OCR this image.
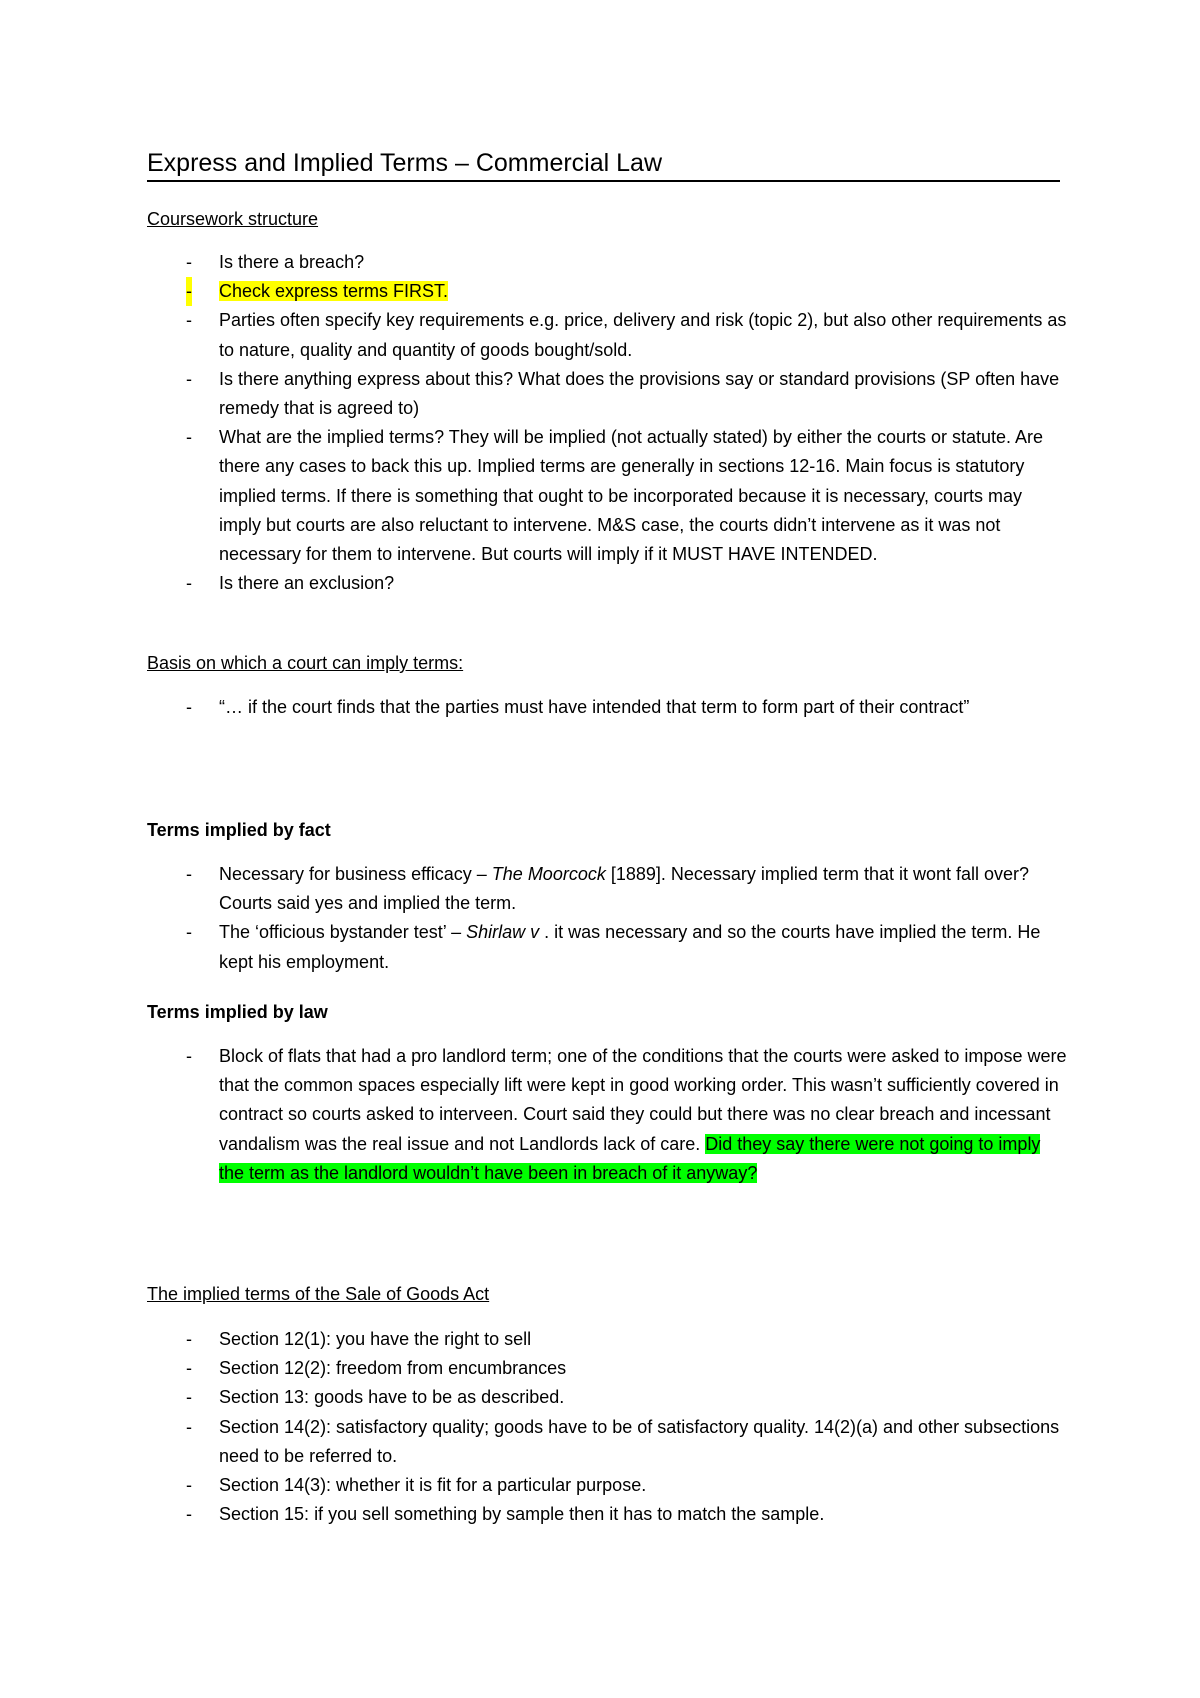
Express and Implied Terms – Commercial Law
Coursework structure
- Is there a breach?
- Check express terms FIRST.
- Parties often specify key requirements e.g. price, delivery and risk (topic 2), but also other requirements as to nature, quality and quantity of goods bought/sold.
- Is there anything express about this? What does the provisions say or standard provisions (SP often have remedy that is agreed to)
- What are the implied terms? They will be implied (not actually stated) by either the courts or statute. Are there any cases to back this up. Implied terms are generally in sections 12-16. Main focus is statutory implied terms. If there is something that ought to be incorporated because it is necessary, courts may imply but courts are also reluctant to intervene. M&S case, the courts didn’t intervene as it was not necessary for them to intervene. But courts will imply if it MUST HAVE INTENDED.
- Is there an exclusion?
Basis on which a court can imply terms:
- “… if the court finds that the parties must have intended that term to form part of their contract”
Terms implied by fact
- Necessary for business efficacy – The Moorcock [1889]. Necessary implied term that it wont fall over? Courts said yes and implied the term.
- The ‘officious bystander test’ – Shirlaw v . it was necessary and so the courts have implied the term. He kept his employment.
Terms implied by law
- Block of flats that had a pro landlord term; one of the conditions that the courts were asked to impose were that the common spaces especially lift were kept in good working order. This wasn’t sufficiently covered in contract so courts asked to interveen. Court said they could but there was no clear breach and incessant vandalism was the real issue and not Landlords lack of care. Did they say there were not going to imply the term as the landlord wouldn’t have been in breach of it anyway?
The implied terms of the Sale of Goods Act
- Section 12(1): you have the right to sell
- Section 12(2): freedom from encumbrances
- Section 13: goods have to be as described.
- Section 14(2): satisfactory quality; goods have to be of satisfactory quality. 14(2)(a) and other subsections need to be referred to.
- Section 14(3): whether it is fit for a particular purpose.
- Section 15: if you sell something by sample then it has to match the sample.
